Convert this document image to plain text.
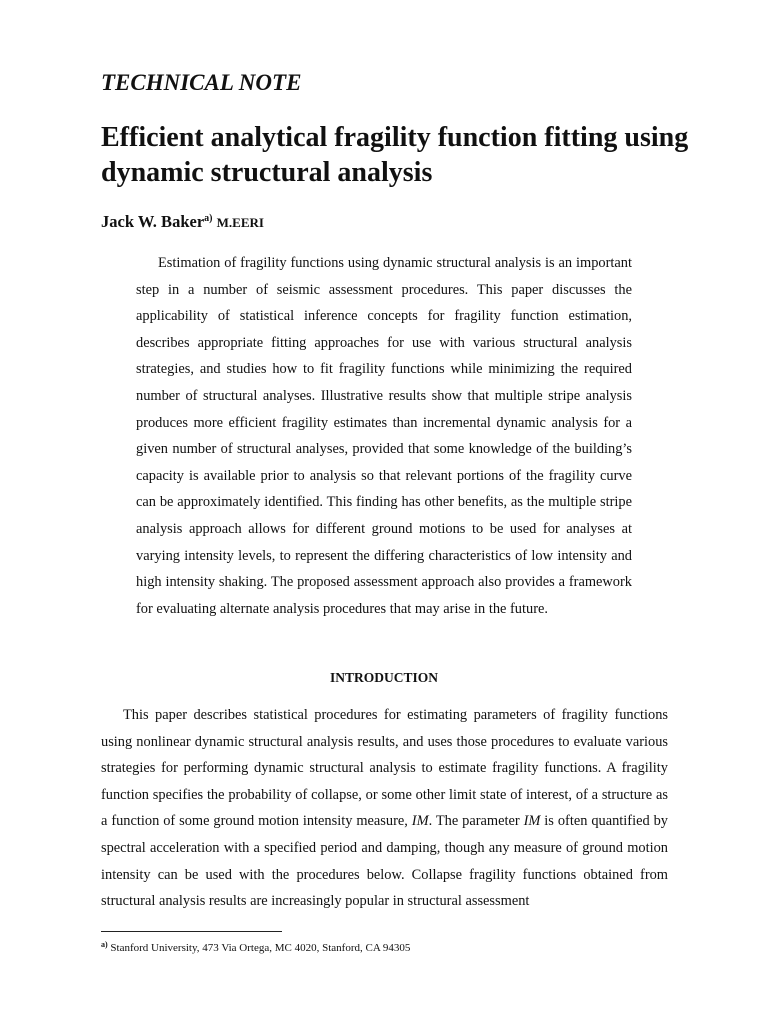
TECHNICAL NOTE
Efficient analytical fragility function fitting using dynamic structural analysis
Jack W. Baker$^{a)}$ M.EERI

Estimation of fragility functions using dynamic structural analysis is an important step in a number of seismic assessment procedures. This paper discusses the applicability of statistical inference concepts for fragility function estimation, describes appropriate fitting approaches for use with various structural analysis strategies, and studies how to fit fragility functions while minimizing the required number of structural analyses. Illustrative results show that multiple stripe analysis produces more efficient fragility estimates than incremental dynamic analysis for a given number of structural analyses, provided that some knowledge of the building’s capacity is available prior to analysis so that relevant portions of the fragility curve can be approximately identified. This finding has other benefits, as the multiple stripe analysis approach allows for different ground motions to be used for analyses at varying intensity levels, to represent the differing characteristics of low intensity and high intensity shaking. The proposed assessment approach also provides a framework for evaluating alternate analysis procedures that may arise in the future.

INTRODUCTION

This paper describes statistical procedures for estimating parameters of fragility functions using nonlinear dynamic structural analysis results, and uses those procedures to evaluate various strategies for performing dynamic structural analysis to estimate fragility functions. A fragility function specifies the probability of collapse, or some other limit state of interest, of a structure as a function of some ground motion intensity measure, IM. The parameter IM is often quantified by spectral acceleration with a specified period and damping, though any measure of ground motion intensity can be used with the procedures below. Collapse fragility functions obtained from structural analysis results are increasingly popular in structural assessment

$^{a)}$ Stanford University, 473 Via Ortega, MC 4020, Stanford, CA 94305
